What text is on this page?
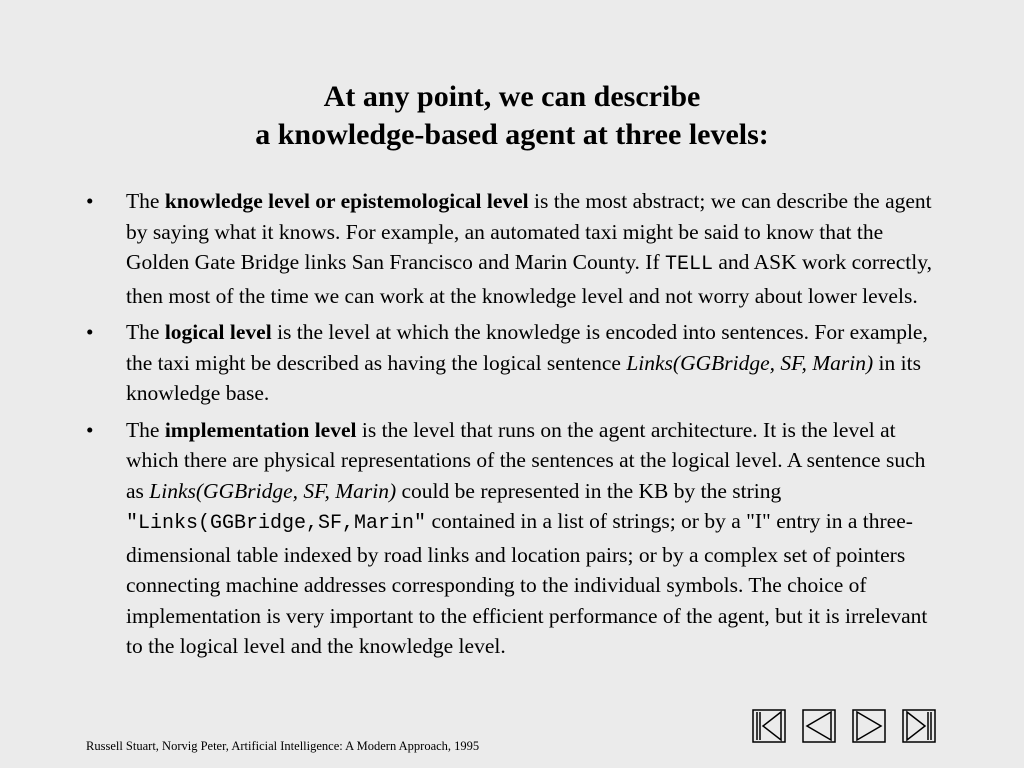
At any point, we can describe
a knowledge-based agent at three levels:
• The knowledge level or epistemological level is the most abstract; we can describe the agent by saying what it knows. For example, an automated taxi might be said to know that the Golden Gate Bridge links San Francisco and Marin County. If TELL and ASK work correctly, then most of the time we can work at the knowledge level and not worry about lower levels.
• The logical level is the level at which the knowledge is encoded into sentences. For example, the taxi might be described as having the logical sentence Links(GGBridge, SF, Marin) in its knowledge base.
• The implementation level is the level that runs on the agent architecture. It is the level at which there are physical representations of the sentences at the logical level. A sentence such as Links(GGBridge, SF, Marin) could be represented in the KB by the string "Links(GGBridge,SF,Marin" contained in a list of strings; or by a "I" entry in a three-dimensional table indexed by road links and location pairs; or by a complex set of pointers connecting machine addresses corresponding to the individual symbols. The choice of implementation is very important to the efficient performance of the agent, but it is irrelevant to the logical level and the knowledge level.
Russell Stuart, Norvig Peter, Artificial Intelligence: A Modern Approach, 1995
